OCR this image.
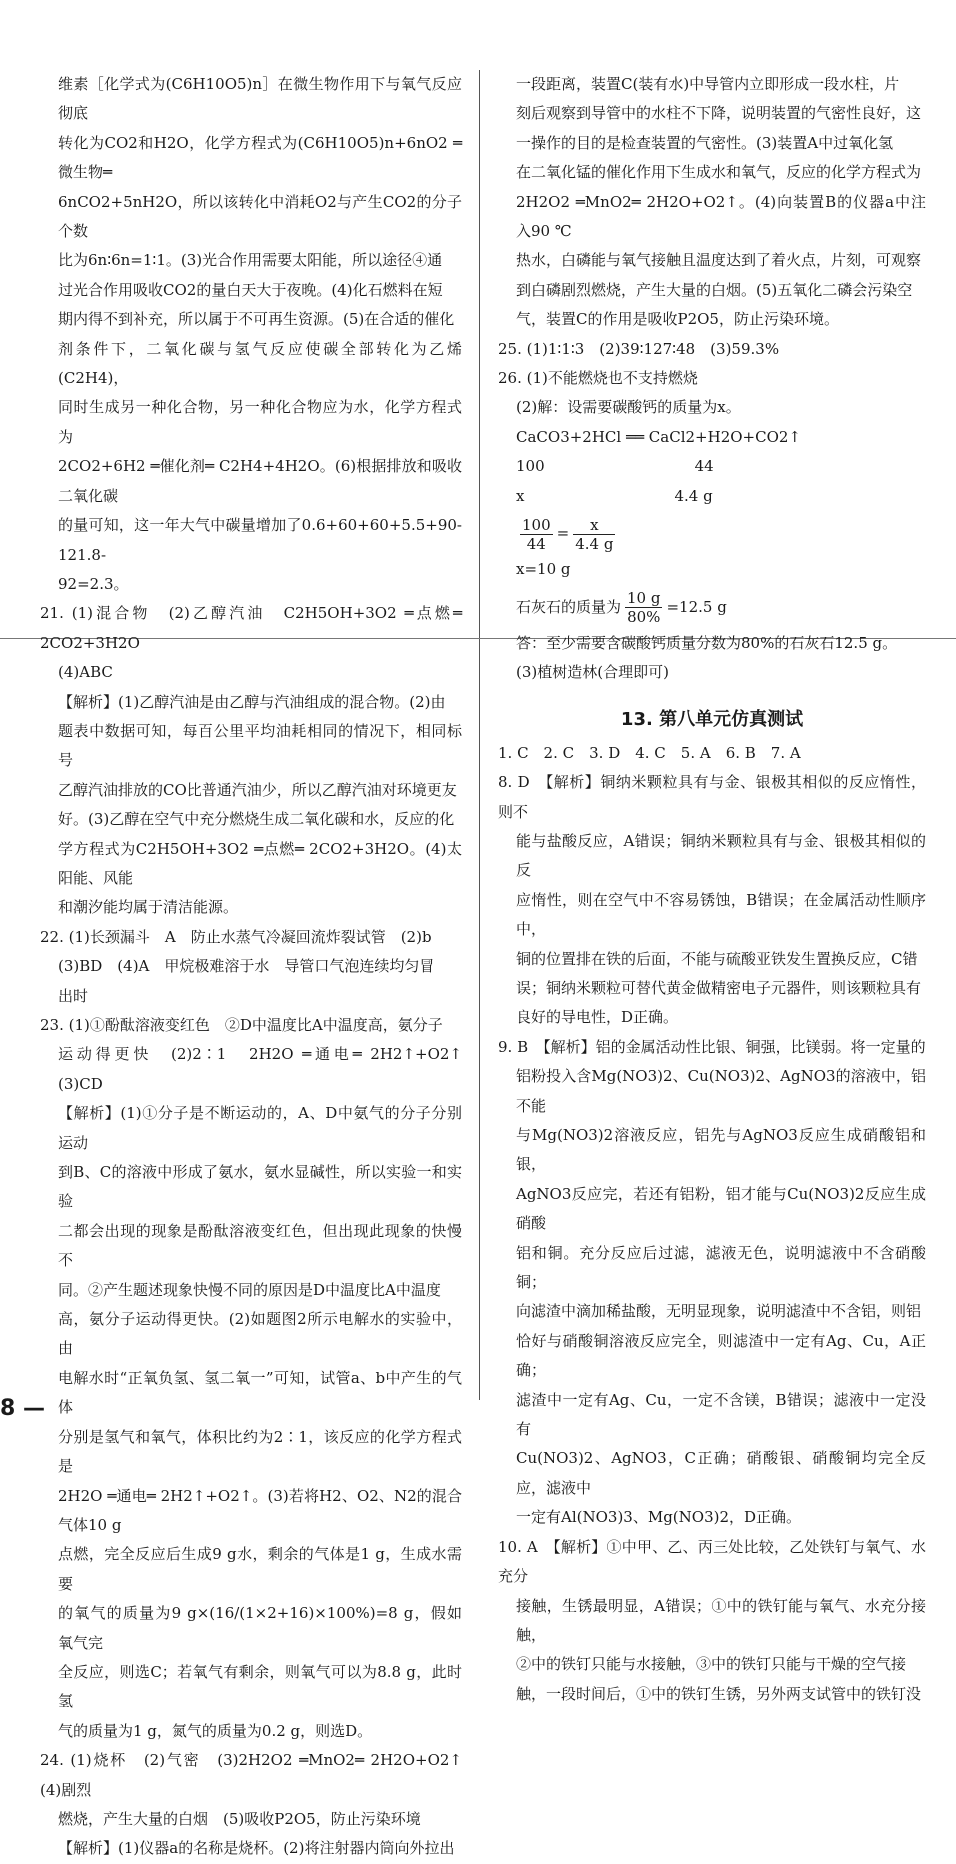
维素［化学式为(C6H10O5)n］在微生物作用下与氧气反应彻底

转化为CO2和H2O，化学方程式为(C6H10O5)n+6nO2 ═微生物═

6nCO2+5nH2O，所以该转化中消耗O2与产生CO2的分子个数

比为6n∶6n=1∶1。(3)光合作用需要太阳能，所以途径④通

过光合作用吸收CO2的量白天大于夜晚。(4)化石燃料在短

期内得不到补充，所以属于不可再生资源。(5)在合适的催化

剂条件下，二氧化碳与氢气反应使碳全部转化为乙烯(C2H4)，

同时生成另一种化合物，另一种化合物应为水，化学方程式为

2CO2+6H2 ═催化剂═ C2H4+4H2O。(6)根据排放和吸收二氧化碳

的量可知，这一年大气中碳量增加了0.6+60+60+5.5+90-121.8-

92=2.3。

21. (1)混合物　(2)乙醇汽油　C2H5OH+3O2 ═点燃═ 2CO2+3H2O

(4)ABC

【解析】(1)乙醇汽油是由乙醇与汽油组成的混合物。(2)由

题表中数据可知，每百公里平均油耗相同的情况下，相同标号

乙醇汽油排放的CO比普通汽油少，所以乙醇汽油对环境更友

好。(3)乙醇在空气中充分燃烧生成二氧化碳和水，反应的化

学方程式为C2H5OH+3O2 ═点燃═ 2CO2+3H2O。(4)太阳能、风能

和潮汐能均属于清洁能源。

22. (1)长颈漏斗　A　防止水蒸气冷凝回流炸裂试管　(2)b

(3)BD　(4)A　甲烷极难溶于水　导管口气泡连续均匀冒

出时

23. (1)①酚酞溶液变红色　②D中温度比A中温度高，氨分子

运动得更快　(2)2∶1　2H2O ═通电═ 2H2↑+O2↑　(3)CD

【解析】(1)①分子是不断运动的，A、D中氨气的分子分别运动

到B、C的溶液中形成了氨水，氨水显碱性，所以实验一和实验

二都会出现的现象是酚酞溶液变红色，但出现此现象的快慢不

同。②产生题述现象快慢不同的原因是D中温度比A中温度

高，氨分子运动得更快。(2)如题图2所示电解水的实验中，由

电解水时“正氧负氢、氢二氧一”可知，试管a、b中产生的气体

分别是氢气和氧气，体积比约为2∶1，该反应的化学方程式是

2H2O ═通电═ 2H2↑+O2↑。(3)若将H2、O2、N2的混合气体10 g

点燃，完全反应后生成9 g水，剩余的气体是1 g，生成水需要

的氧气的质量为9 g×(16/(1×2+16)×100%)=8 g，假如氧气完

全反应，则选C；若氧气有剩余，则氧气可以为8.8 g，此时氢

气的质量为1 g，氮气的质量为0.2 g，则选D。

24. (1)烧杯　(2)气密　(3)2H2O2 ═MnO2═ 2H2O+O2↑　(4)剧烈

燃烧，产生大量的白烟　(5)吸收P2O5，防止污染环境

【解析】(1)仪器a的名称是烧杯。(2)将注射器内筒向外拉出

一段距离，装置C(装有水)中导管内立即形成一段水柱，片

刻后观察到导管中的水柱不下降，说明装置的气密性良好，这

一操作的目的是检查装置的气密性。(3)装置A中过氧化氢

在二氧化锰的催化作用下生成水和氧气，反应的化学方程式为

2H2O2 ═MnO2═ 2H2O+O2↑。(4)向装置B的仪器a中注入90 ℃

热水，白磷能与氧气接触且温度达到了着火点，片刻，可观察

到白磷剧烈燃烧，产生大量的白烟。(5)五氧化二磷会污染空

气，装置C的作用是吸收P2O5，防止污染环境。

25. (1)1∶1∶3　(2)39∶127∶48　(3)59.3%

26. (1)不能燃烧也不支持燃烧

(2)解：设需要碳酸钙的质量为x。

CaCO3+2HCl ══ CaCl2+H2O+CO2↑

100　　　　　　　　　　44

x　　　　　　　　　　4.4 g

$\frac{100}{44} = \frac{x}{4.4 g}$

x=10 g

石灰石的质量为 $\frac{10 g}{80\%} =12.5$ g

答：至少需要含碳酸钙质量分数为80%的石灰石12.5 g。

(3)植树造林(合理即可)

13. 第八单元仿真测试

1. C　2. C　3. D　4. C　5. A　6. B　7. A

8. D　【解析】铜纳米颗粒具有与金、银极其相似的反应惰性，则不

能与盐酸反应，A错误；铜纳米颗粒具有与金、银极其相似的反

应惰性，则在空气中不容易锈蚀，B错误；在金属活动性顺序中，

铜的位置排在铁的后面，不能与硫酸亚铁发生置换反应，C错

误；铜纳米颗粒可替代黄金做精密电子元器件，则该颗粒具有

良好的导电性，D正确。

9. B　【解析】铝的金属活动性比银、铜强，比镁弱。将一定量的

铝粉投入含Mg(NO3)2、Cu(NO3)2、AgNO3的溶液中，铝不能

与Mg(NO3)2溶液反应，铝先与AgNO3反应生成硝酸铝和银，

AgNO3反应完，若还有铝粉，铝才能与Cu(NO3)2反应生成硝酸

铝和铜。充分反应后过滤，滤液无色，说明滤液中不含硝酸铜；

向滤渣中滴加稀盐酸，无明显现象，说明滤渣中不含铝，则铝

恰好与硝酸铜溶液反应完全，则滤渣中一定有Ag、Cu，A正确；

滤渣中一定有Ag、Cu，一定不含镁，B错误；滤液中一定没有

Cu(NO3)2、AgNO3，C正确；硝酸银、硝酸铜均完全反应，滤液中

一定有Al(NO3)3、Mg(NO3)2，D正确。

10. A　【解析】①中甲、乙、丙三处比较，乙处铁钉与氧气、水充分

接触，生锈最明显，A错误；①中的铁钉能与氧气、水充分接触，

②中的铁钉只能与水接触，③中的铁钉只能与干燥的空气接

触，一段时间后，①中的铁钉生锈，另外两支试管中的铁钉没

8 —
